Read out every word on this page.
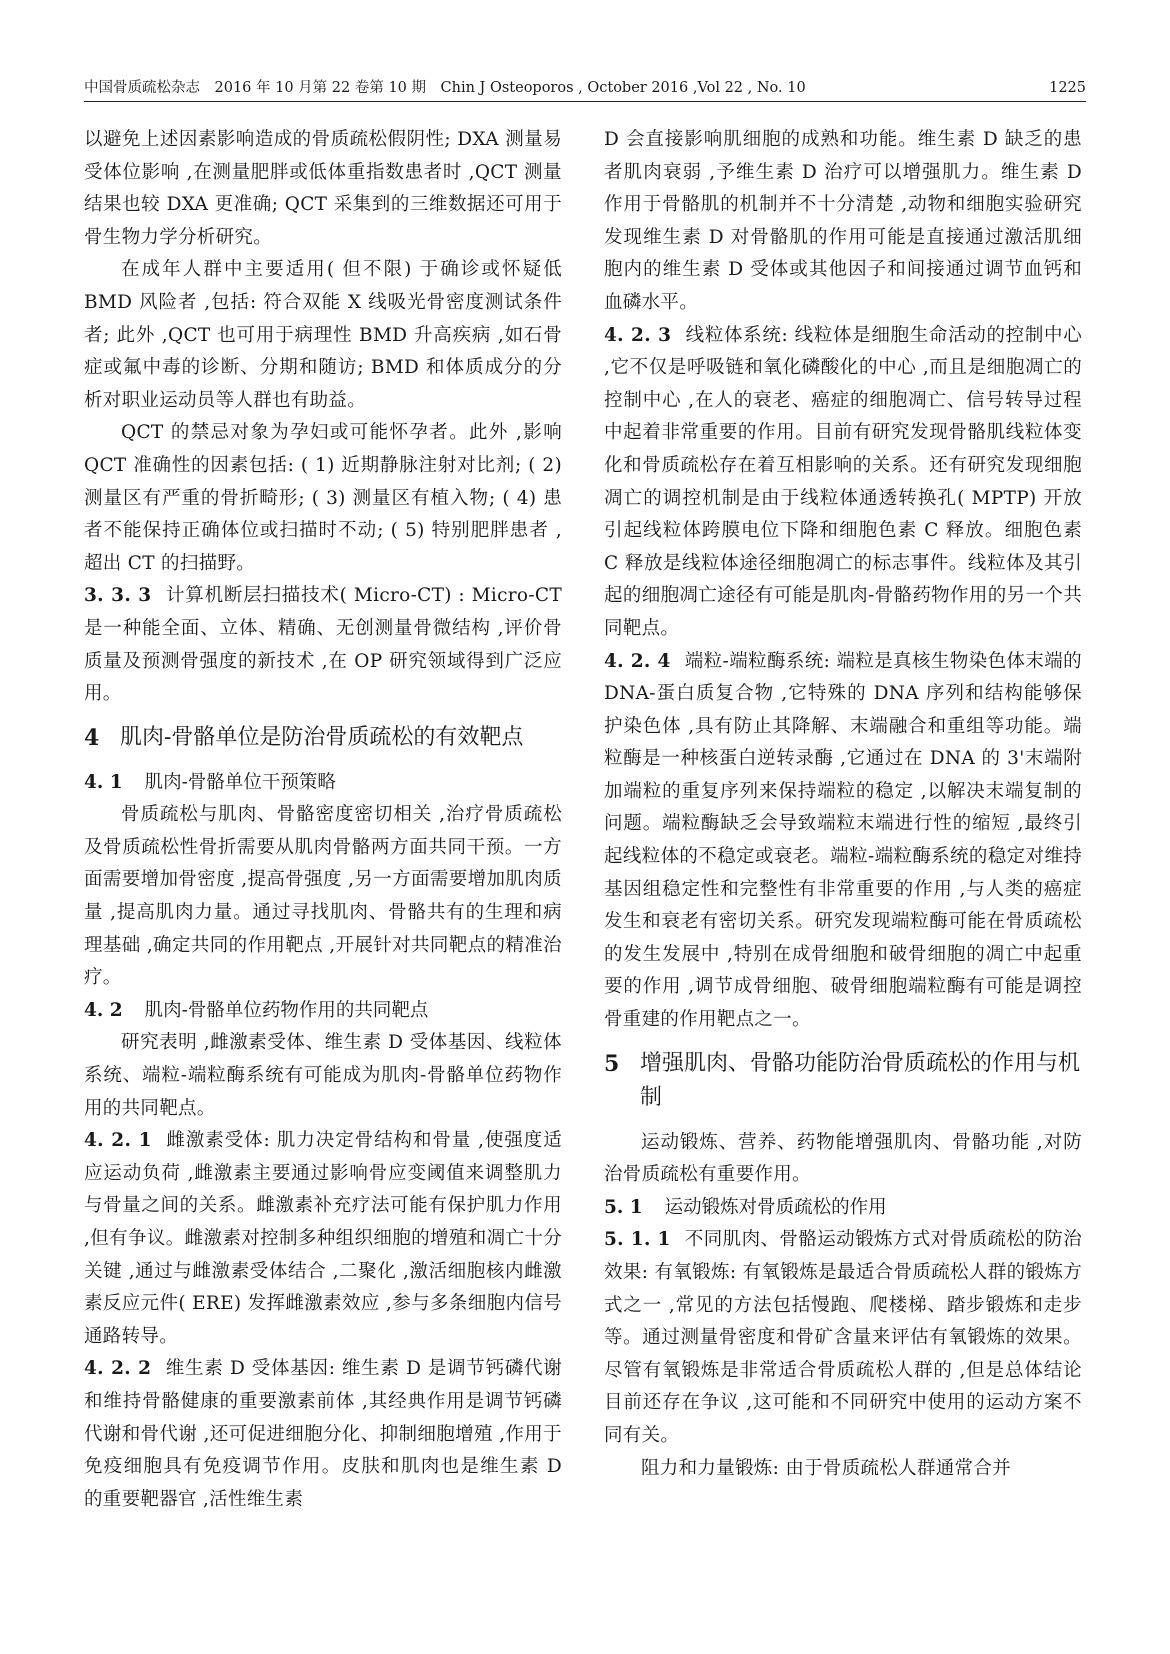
中国骨质疏松杂志　2016 年 10 月第 22 卷第 10 期　Chin J Osteoporos , October 2016 ,Vol 22 , No. 10	1225

以避免上述因素影响造成的骨质疏松假阴性; DXA 测量易受体位影响 ,在测量肥胖或低体重指数患者时 ,QCT 测量结果也较 DXA 更准确; QCT 采集到的三维数据还可用于骨生物力学分析研究。

在成年人群中主要适用( 但不限) 于确诊或怀疑低 BMD 风险者 ,包括: 符合双能 X 线吸光骨密度测试条件者; 此外 ,QCT 也可用于病理性 BMD 升高疾病 ,如石骨症或氟中毒的诊断、分期和随访; BMD 和体质成分的分析对职业运动员等人群也有助益。

QCT 的禁忌对象为孕妇或可能怀孕者。此外 ,影响 QCT 准确性的因素包括: ( 1) 近期静脉注射对比剂; ( 2) 测量区有严重的骨折畸形; ( 3) 测量区有植入物; ( 4) 患者不能保持正确体位或扫描时不动; ( 5) 特别肥胖患者 ,超出 CT 的扫描野。

3. 3. 3 计算机断层扫描技术( Micro-CT) : Micro-CT 是一种能全面、立体、精确、无创测量骨微结构 ,评价骨质量及预测骨强度的新技术 ,在 OP 研究领域得到广泛应用。

4 肌肉-骨骼单位是防治骨质疏松的有效靶点
4. 1 肌肉-骨骼单位干预策略

骨质疏松与肌肉、骨骼密度密切相关 ,治疗骨质疏松及骨质疏松性骨折需要从肌肉骨骼两方面共同干预。一方面需要增加骨密度 ,提高骨强度 ,另一方面需要增加肌肉质量 ,提高肌肉力量。通过寻找肌肉、骨骼共有的生理和病理基础 ,确定共同的作用靶点 ,开展针对共同靶点的精准治疗。

4. 2 肌肉-骨骼单位药物作用的共同靶点

研究表明 ,雌激素受体、维生素 D 受体基因、线粒体系统、端粒-端粒酶系统有可能成为肌肉-骨骼单位药物作用的共同靶点。

4. 2. 1 雌激素受体: 肌力决定骨结构和骨量 ,使强度适应运动负荷 ,雌激素主要通过影响骨应变阈值来调整肌力与骨量之间的关系。雌激素补充疗法可能有保护肌力作用 ,但有争议。雌激素对控制多种组织细胞的增殖和凋亡十分关键 ,通过与雌激素受体结合 ,二聚化 ,激活细胞核内雌激素反应元件( ERE) 发挥雌激素效应 ,参与多条细胞内信号通路转导。

4. 2. 2 维生素 D 受体基因: 维生素 D 是调节钙磷代谢和维持骨骼健康的重要激素前体 ,其经典作用是调节钙磷代谢和骨代谢 ,还可促进细胞分化、抑制细胞增殖 ,作用于免疫细胞具有免疫调节作用。皮肤和肌肉也是维生素 D 的重要靶器官 ,活性维生素

D 会直接影响肌细胞的成熟和功能。维生素 D 缺乏的患者肌肉衰弱 ,予维生素 D 治疗可以增强肌力。维生素 D 作用于骨骼肌的机制并不十分清楚 ,动物和细胞实验研究发现维生素 D 对骨骼肌的作用可能是直接通过激活肌细胞内的维生素 D 受体或其他因子和间接通过调节血钙和血磷水平。

4. 2. 3 线粒体系统: 线粒体是细胞生命活动的控制中心 ,它不仅是呼吸链和氧化磷酸化的中心 ,而且是细胞凋亡的控制中心 ,在人的衰老、癌症的细胞凋亡、信号转导过程中起着非常重要的作用。目前有研究发现骨骼肌线粒体变化和骨质疏松存在着互相影响的关系。还有研究发现细胞凋亡的调控机制是由于线粒体通透转换孔( MPTP) 开放引起线粒体跨膜电位下降和细胞色素 C 释放。细胞色素 C 释放是线粒体途径细胞凋亡的标志事件。线粒体及其引起的细胞凋亡途径有可能是肌肉-骨骼药物作用的另一个共同靶点。

4. 2. 4 端粒-端粒酶系统: 端粒是真核生物染色体末端的 DNA-蛋白质复合物 ,它特殊的 DNA 序列和结构能够保护染色体 ,具有防止其降解、末端融合和重组等功能。端粒酶是一种核蛋白逆转录酶 ,它通过在 DNA 的 3'末端附加端粒的重复序列来保持端粒的稳定 ,以解决末端复制的问题。端粒酶缺乏会导致端粒末端进行性的缩短 ,最终引起线粒体的不稳定或衰老。端粒-端粒酶系统的稳定对维持基因组稳定性和完整性有非常重要的作用 ,与人类的癌症发生和衰老有密切关系。研究发现端粒酶可能在骨质疏松的发生发展中 ,特别在成骨细胞和破骨细胞的凋亡中起重要的作用 ,调节成骨细胞、破骨细胞端粒酶有可能是调控骨重建的作用靶点之一。

5 增强肌肉、骨骼功能防治骨质疏松的作用与机制

运动锻炼、营养、药物能增强肌肉、骨骼功能 ,对防治骨质疏松有重要作用。

5. 1 运动锻炼对骨质疏松的作用

5. 1. 1 不同肌肉、骨骼运动锻炼方式对骨质疏松的防治效果: 有氧锻炼: 有氧锻炼是最适合骨质疏松人群的锻炼方式之一 ,常见的方法包括慢跑、爬楼梯、踏步锻炼和走步等。通过测量骨密度和骨矿含量来评估有氧锻炼的效果。尽管有氧锻炼是非常适合骨质疏松人群的 ,但是总体结论目前还存在争议 ,这可能和不同研究中使用的运动方案不同有关。

阻力和力量锻炼: 由于骨质疏松人群通常合并
